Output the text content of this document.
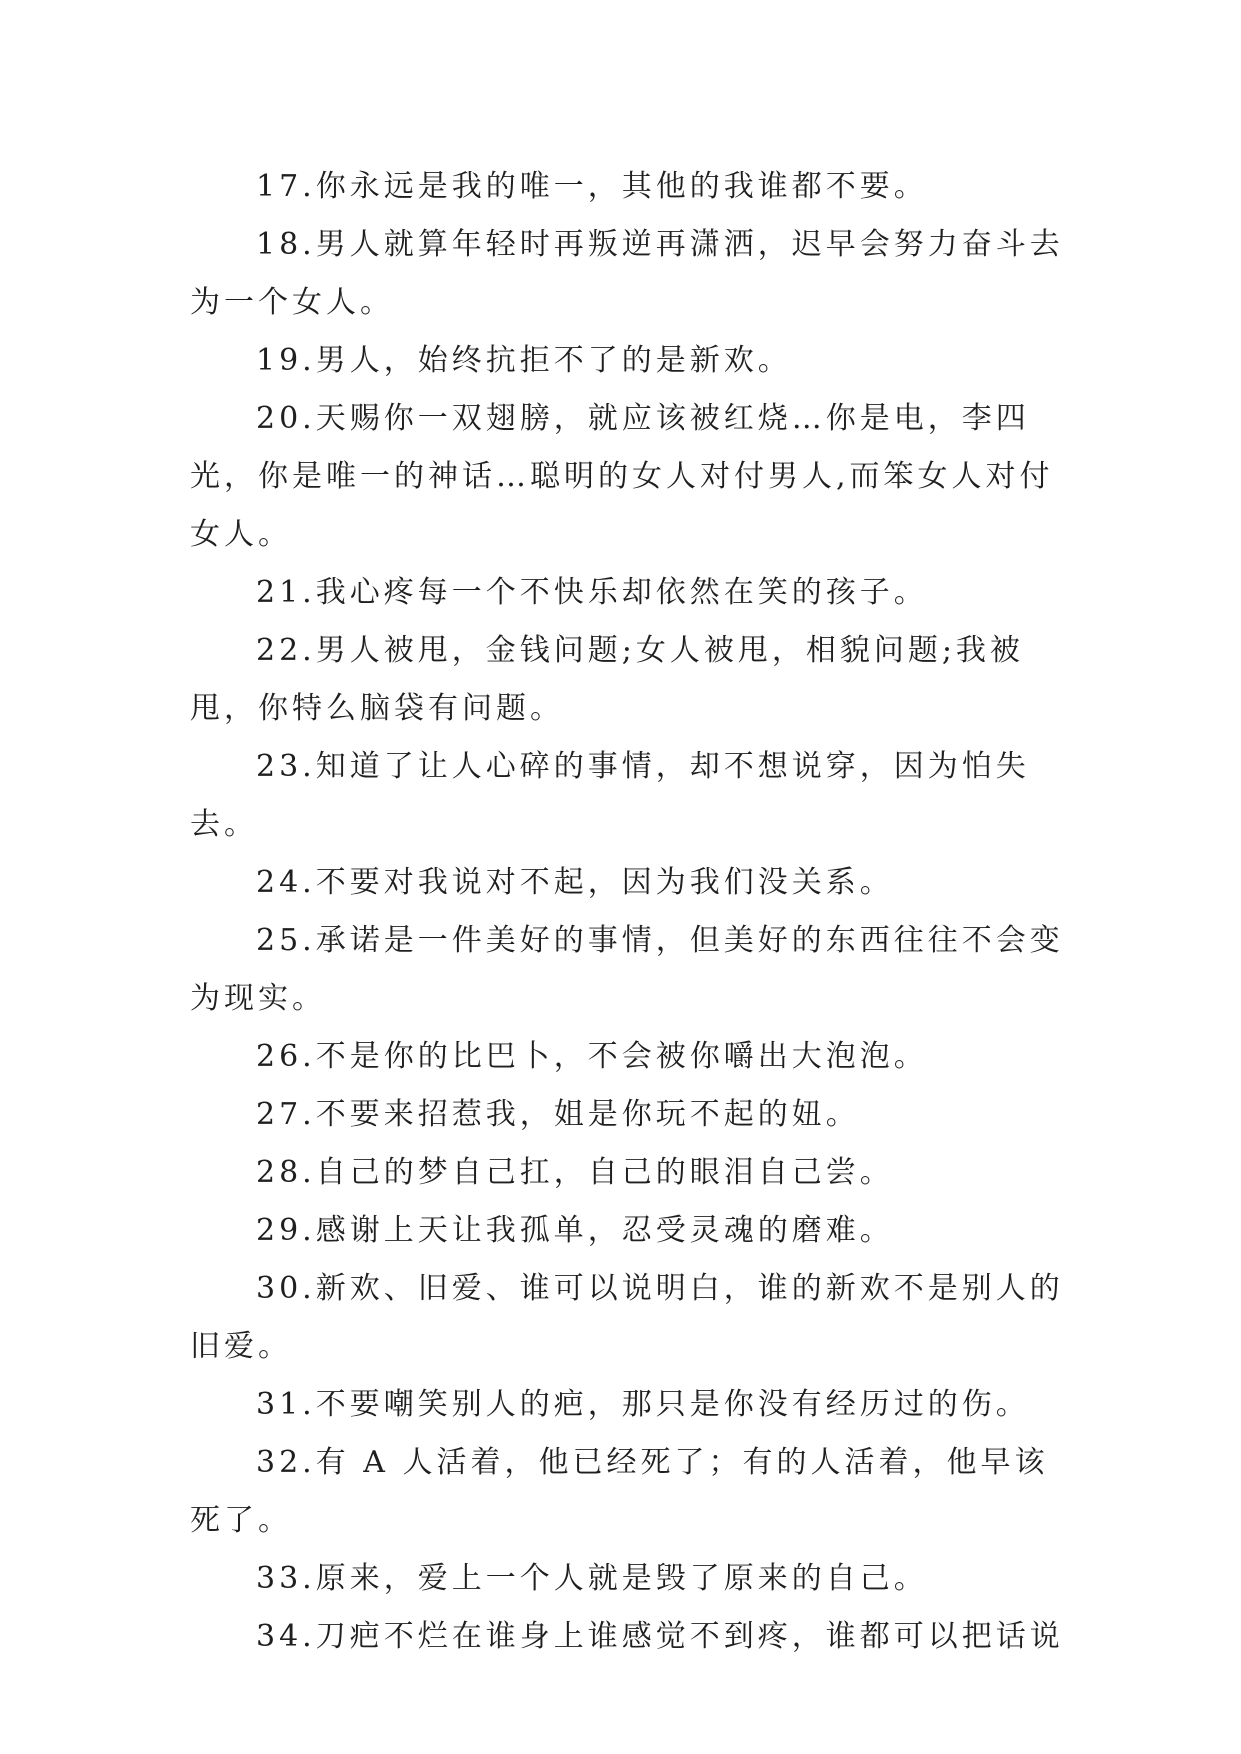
17.你永远是我的唯一，其他的我谁都不要。

18.男人就算年轻时再叛逆再潇洒，迟早会努力奋斗去为一个女人。

19.男人，始终抗拒不了的是新欢。

20.天赐你一双翅膀，就应该被红烧…你是电，李四光，你是唯一的神话…聪明的女人对付男人,而笨女人对付女人。

21.我心疼每一个不快乐却依然在笑的孩子。

22.男人被甩，金钱问题;女人被甩，相貌问题;我被甩，你特么脑袋有问题。

23.知道了让人心碎的事情，却不想说穿，因为怕失去。

24.不要对我说对不起，因为我们没关系。

25.承诺是一件美好的事情，但美好的东西往往不会变为现实。

26.不是你的比巴卜，不会被你嚼出大泡泡。

27.不要来招惹我，姐是你玩不起的妞。

28.自己的梦自己扛，自己的眼泪自己尝。

29.感谢上天让我孤单，忍受灵魂的磨难。

30.新欢、旧爱、谁可以说明白，谁的新欢不是别人的旧爱。

31.不要嘲笑别人的疤，那只是你没有经历过的伤。

32.有 A 人活着，他已经死了；有的人活着，他早该死了。

33.原来，爱上一个人就是毁了原来的自己。

34.刀疤不烂在谁身上谁感觉不到疼，谁都可以把话说
